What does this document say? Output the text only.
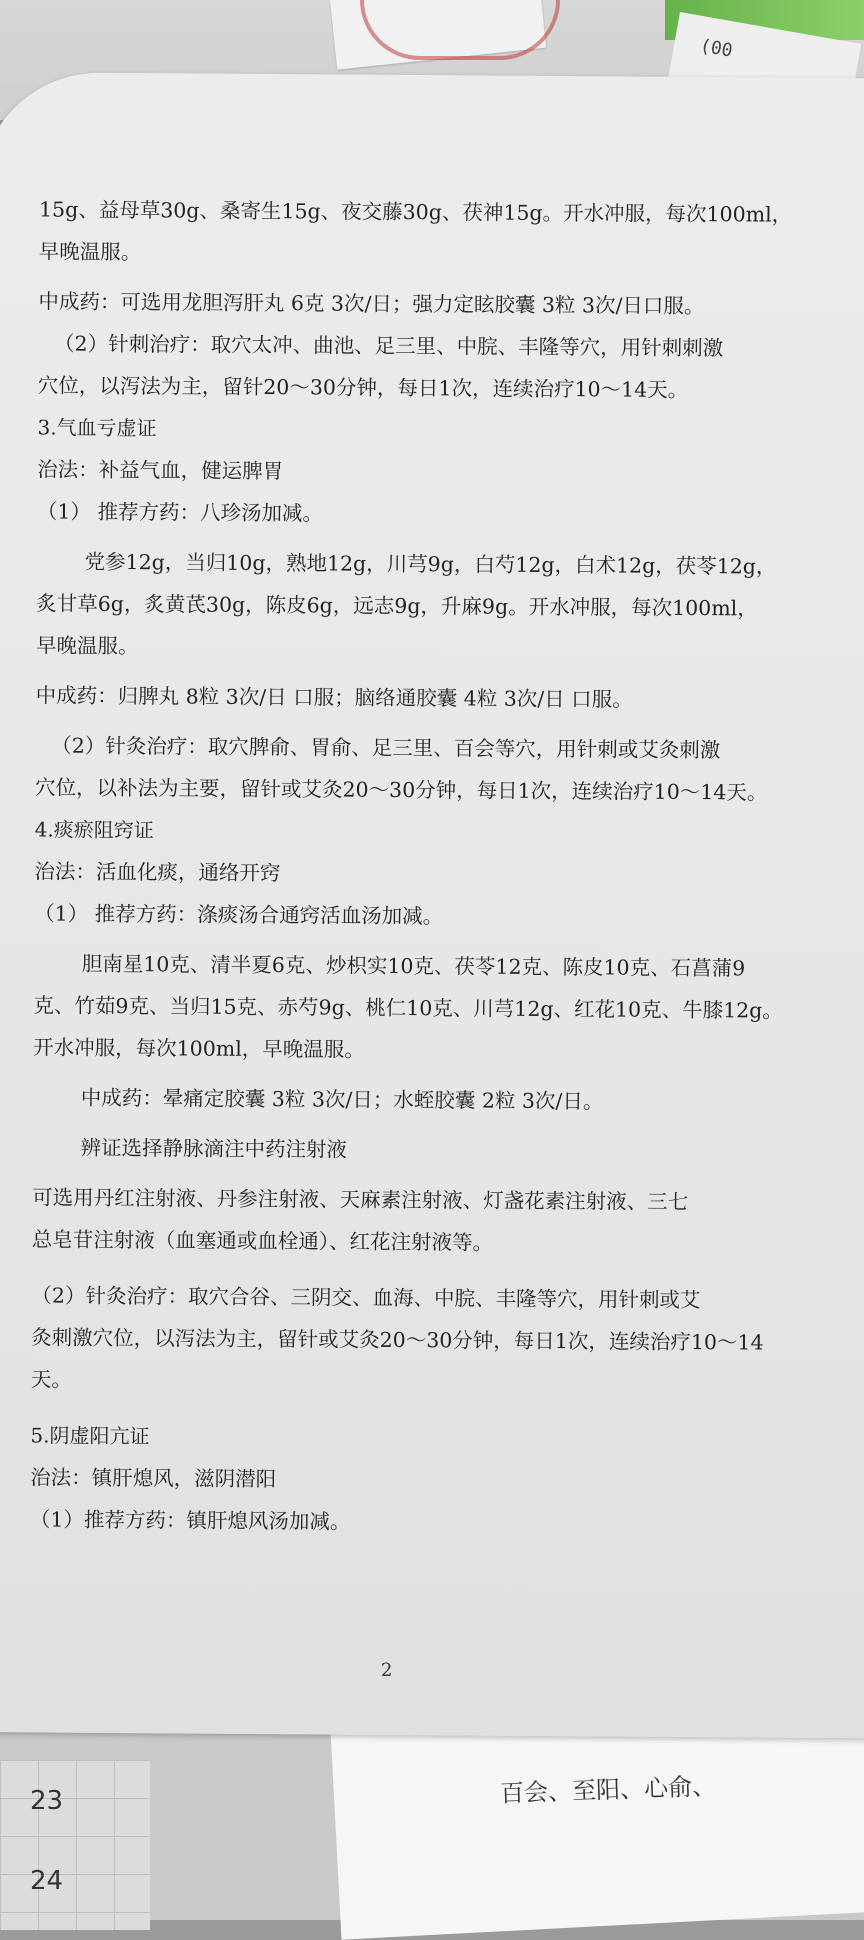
(00
23
24
百会、至阳、心俞、
15g、益母草30g、桑寄生15g、夜交藤30g、茯神15g。开水冲服，每次100ml，
早晚温服。
中成药：可选用龙胆泻肝丸 6克 3次/日；强力定眩胶囊 3粒 3次/日口服。
（2）针刺治疗：取穴太冲、曲池、足三里、中脘、丰隆等穴，用针刺刺激
穴位，以泻法为主，留针20～30分钟，每日1次，连续治疗10～14天。
3.气血亏虚证
治法：补益气血，健运脾胃
（1） 推荐方药：八珍汤加减。
党参12g，当归10g，熟地12g，川芎9g，白芍12g，白术12g，茯苓12g，
炙甘草6g，炙黄芪30g，陈皮6g，远志9g，升麻9g。开水冲服，每次100ml，
早晚温服。
中成药：归脾丸 8粒 3次/日 口服；脑络通胶囊 4粒 3次/日 口服。
（2）针灸治疗：取穴脾俞、胃俞、足三里、百会等穴，用针刺或艾灸刺激
穴位，以补法为主要，留针或艾灸20～30分钟，每日1次，连续治疗10～14天。
4.痰瘀阻窍证
治法：活血化痰，通络开窍
（1） 推荐方药：涤痰汤合通窍活血汤加减。
胆南星10克、清半夏6克、炒枳实10克、茯苓12克、陈皮10克、石菖蒲9
克、竹茹9克、当归15克、赤芍9g、桃仁10克、川芎12g、红花10克、牛膝12g。
开水冲服，每次100ml，早晚温服。
中成药：晕痛定胶囊 3粒 3次/日；水蛭胶囊 2粒 3次/日。
辨证选择静脉滴注中药注射液
可选用丹红注射液、丹参注射液、天麻素注射液、灯盏花素注射液、三七
总皂苷注射液（血塞通或血栓通）、红花注射液等。
（2）针灸治疗：取穴合谷、三阴交、血海、中脘、丰隆等穴，用针刺或艾
灸刺激穴位，以泻法为主，留针或艾灸20～30分钟，每日1次，连续治疗10～14
天。
5.阴虚阳亢证
治法：镇肝熄风，滋阴潜阳
（1）推荐方药：镇肝熄风汤加减。
2
